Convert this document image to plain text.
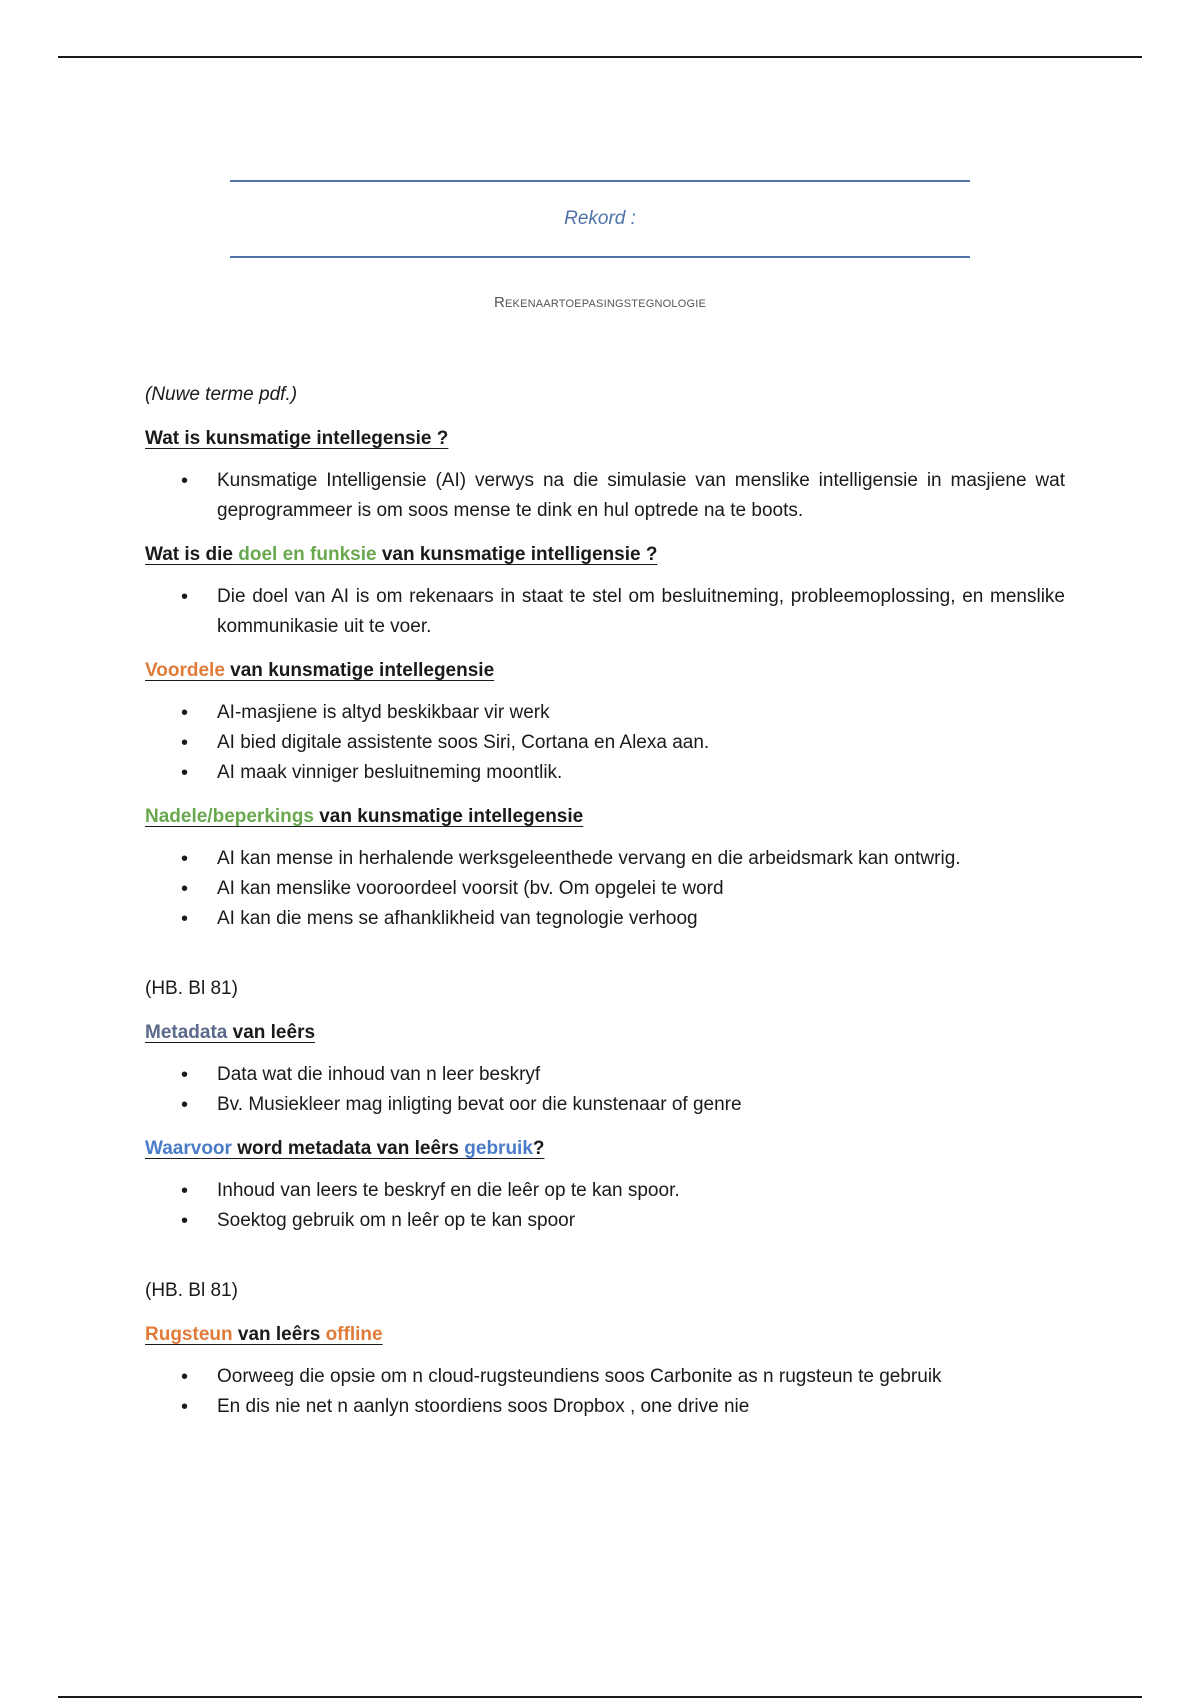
Rekord :
Rekenaartoepasingstegnologie

(Nuwe terme pdf.)

Wat is kunsmatige intellegensie ?

• Kunsmatige Intelligensie (AI) verwys na die simulasie van menslike intelligensie in masjiene wat geprogrammeer is om soos mense te dink en hul optrede na te boots.

Wat is die doel en funksie van kunsmatige intelligensie ?

• Die doel van AI is om rekenaars in staat te stel om besluitneming, probleemoplossing, en menslike kommunikasie uit te voer.

Voordele van kunsmatige intellegensie

• AI-masjiene is altyd beskikbaar vir werk
• AI bied digitale assistente soos Siri, Cortana en Alexa aan.
• AI maak vinniger besluitneming moontlik.

Nadele/beperkings van kunsmatige intellegensie

• AI kan mense in herhalende werksgeleenthede vervang en die arbeidsmark kan ontwrig.
• AI kan menslike vooroordeel voorsit (bv. Om opgelei te word
• AI kan die mens se afhanklikheid van tegnologie verhoog

(HB. Bl 81)

Metadata van leêrs

• Data wat die inhoud van n leer beskryf
• Bv. Musiekleer mag inligting bevat oor die kunstenaar of genre

Waarvoor word metadata van leêrs gebruik?

• Inhoud van leers te beskryf en die leêr op te kan spoor.
• Soektog gebruik om n leêr op te kan spoor

(HB. Bl 81)

Rugsteun van leêrs offline

• Oorweeg die opsie om n cloud-rugsteundiens soos Carbonite as n rugsteun te gebruik
• En dis nie net n aanlyn stoordiens soos Dropbox , one drive nie
